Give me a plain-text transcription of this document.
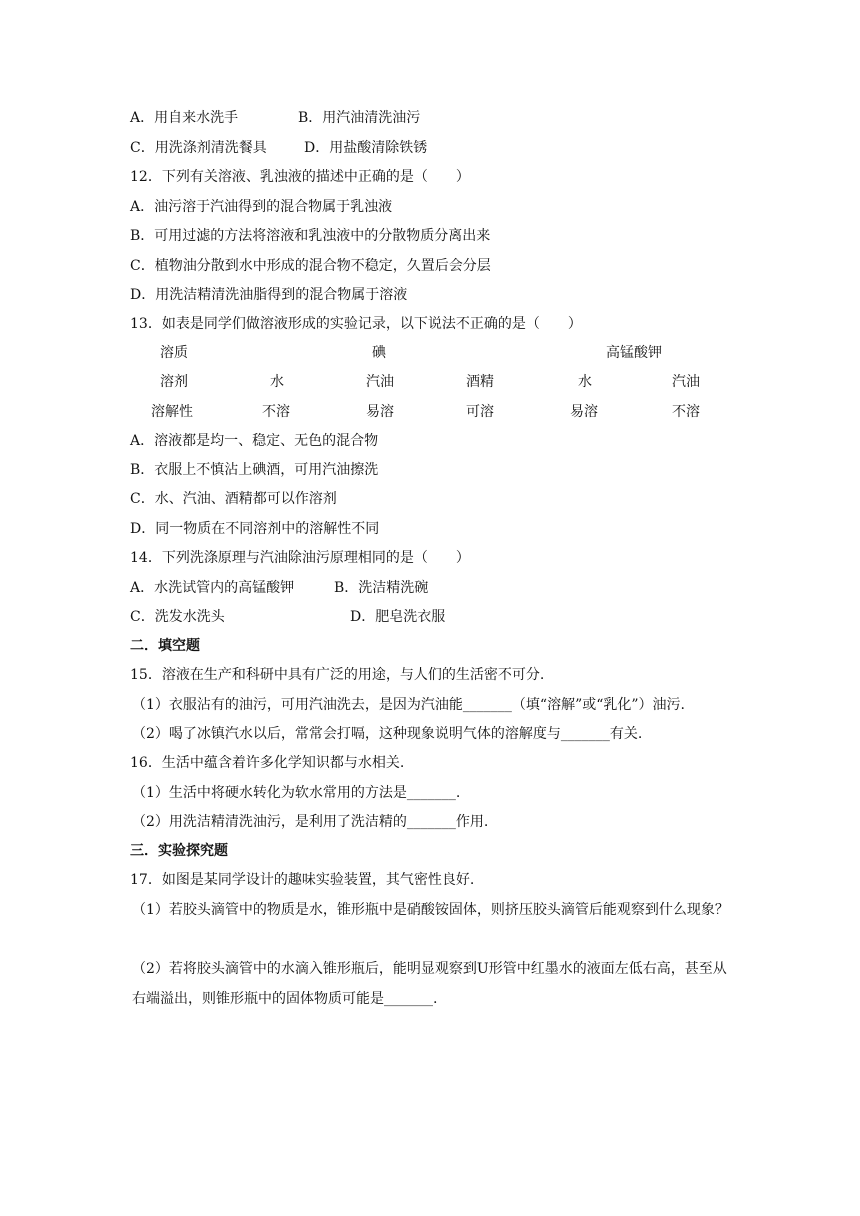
A．用自来水洗手	B．用汽油清洗油污
C．用洗涤剂清洗餐具	D．用盐酸清除铁锈
12．下列有关溶液、乳浊液的描述中正确的是（　　）
A．油污溶于汽油得到的混合物属于乳浊液
B．可用过滤的方法将溶液和乳浊液中的分散物质分离出来
C．植物油分散到水中形成的混合物不稳定，久置后会分层
D．用洗洁精清洗油脂得到的混合物属于溶液
13．如表是同学们做溶液形成的实验记录，以下说法不正确的是（　　）
溶质	碘	高锰酸钾
溶剂	水	汽油	酒精	水	汽油
溶解性	不溶	易溶	可溶	易溶	不溶
A．溶液都是均一、稳定、无色的混合物
B．衣服上不慎沾上碘酒，可用汽油擦洗
C．水、汽油、酒精都可以作溶剂
D．同一物质在不同溶剂中的溶解性不同
14．下列洗涤原理与汽油除油污原理相同的是（　　）
A．水洗试管内的高锰酸钾	B．洗洁精洗碗
C．洗发水洗头	D．肥皂洗衣服
二．填空题
15．溶液在生产和科研中具有广泛的用途，与人们的生活密不可分.
（1）衣服沾有的油污，可用汽油洗去，是因为汽油能_______（填“溶解”或“乳化”）油污.
（2）喝了冰镇汽水以后，常常会打嗝，这种现象说明气体的溶解度与_______有关.
16．生活中蕴含着许多化学知识都与水相关.
（1）生活中将硬水转化为软水常用的方法是_______.
（2）用洗洁精清洗油污，是利用了洗洁精的_______作用.
三．实验探究题
17．如图是某同学设计的趣味实验装置，其气密性良好.
（1）若胶头滴管中的物质是水，锥形瓶中是硝酸铵固体，则挤压胶头滴管后能观察到什么现象？
（2）若将胶头滴管中的水滴入锥形瓶后，能明显观察到U形管中红墨水的液面左低右高，甚至从右端溢出，则锥形瓶中的固体物质可能是_______.
